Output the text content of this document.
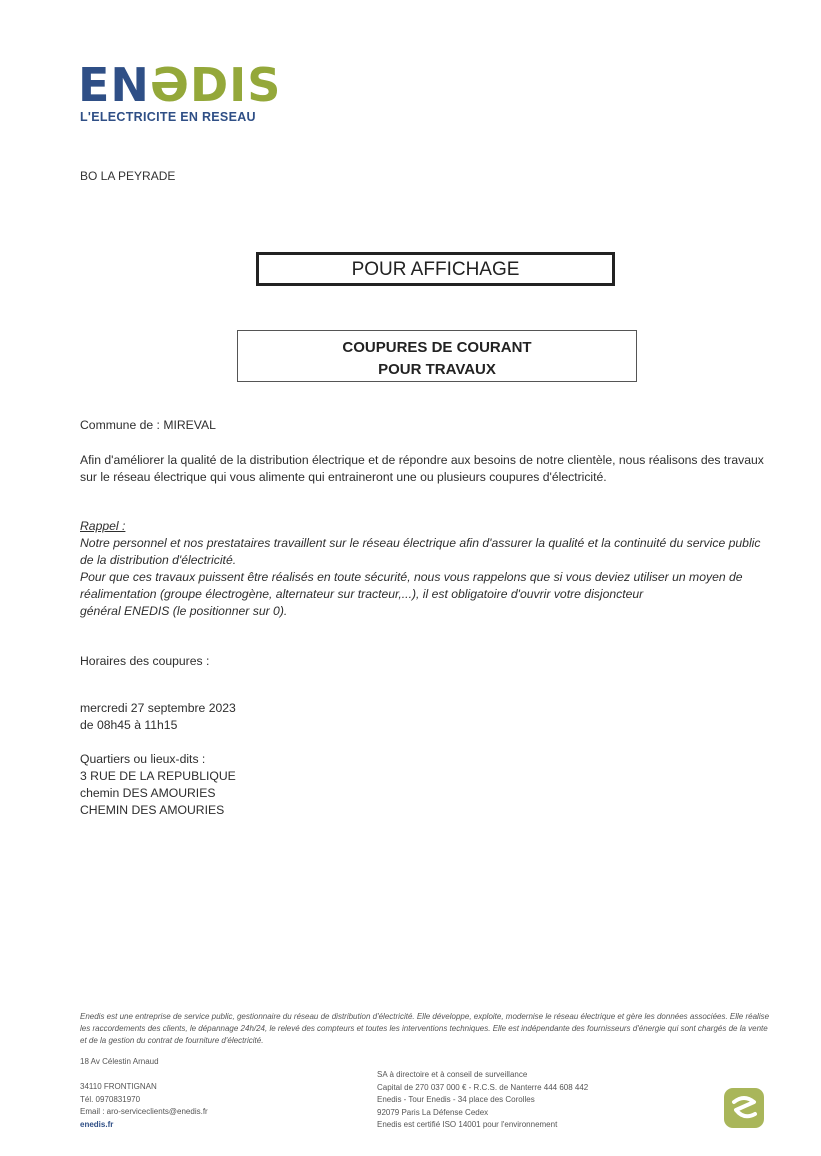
ENƏDIS
L'ELECTRICITE EN RESEAU
BO LA PEYRADE
POUR AFFICHAGE
COUPURES DE COURANT
POUR TRAVAUX
Commune de : MIREVAL
Afin d'améliorer la qualité de la distribution électrique et de répondre aux besoins de notre clientèle, nous réalisons des travaux sur le réseau électrique qui vous alimente qui entraineront une ou plusieurs coupures d'électricité.
Rappel :
Notre personnel et nos prestataires travaillent sur le réseau électrique afin d'assurer la qualité et la continuité du service public de la distribution d'électricité.
Pour que ces travaux puissent être réalisés en toute sécurité, nous vous rappelons que si vous deviez utiliser un moyen de
réalimentation (groupe électrogène, alternateur sur tracteur,...), il est obligatoire d'ouvrir votre disjoncteur
général ENEDIS (le positionner sur 0).
Horaires des coupures :
mercredi 27 septembre 2023
de 08h45 à 11h15
Quartiers ou lieux-dits :
3 RUE DE LA REPUBLIQUE
chemin DES AMOURIES
CHEMIN DES AMOURIES
Enedis est une entreprise de service public, gestionnaire du réseau de distribution d'électricité. Elle développe, exploite, modernise le réseau électrique et gère les données associées. Elle réalise les raccordements des clients, le dépannage 24h/24, le relevé des compteurs et toutes les interventions techniques. Elle est indépendante des fournisseurs d'énergie qui sont chargés de la vente et de la gestion du contrat de fourniture d'électricité.
18 Av Célestin Arnaud
34110 FRONTIGNAN
Tél. 0970831970
Email : aro-serviceclients@enedis.fr
enedis.fr
SA à directoire et à conseil de surveillance
Capital de 270 037 000 € - R.C.S. de Nanterre 444 608 442
Enedis - Tour Enedis - 34 place des Corolles
92079 Paris La Défense Cedex
Enedis est certifié ISO 14001 pour l'environnement
